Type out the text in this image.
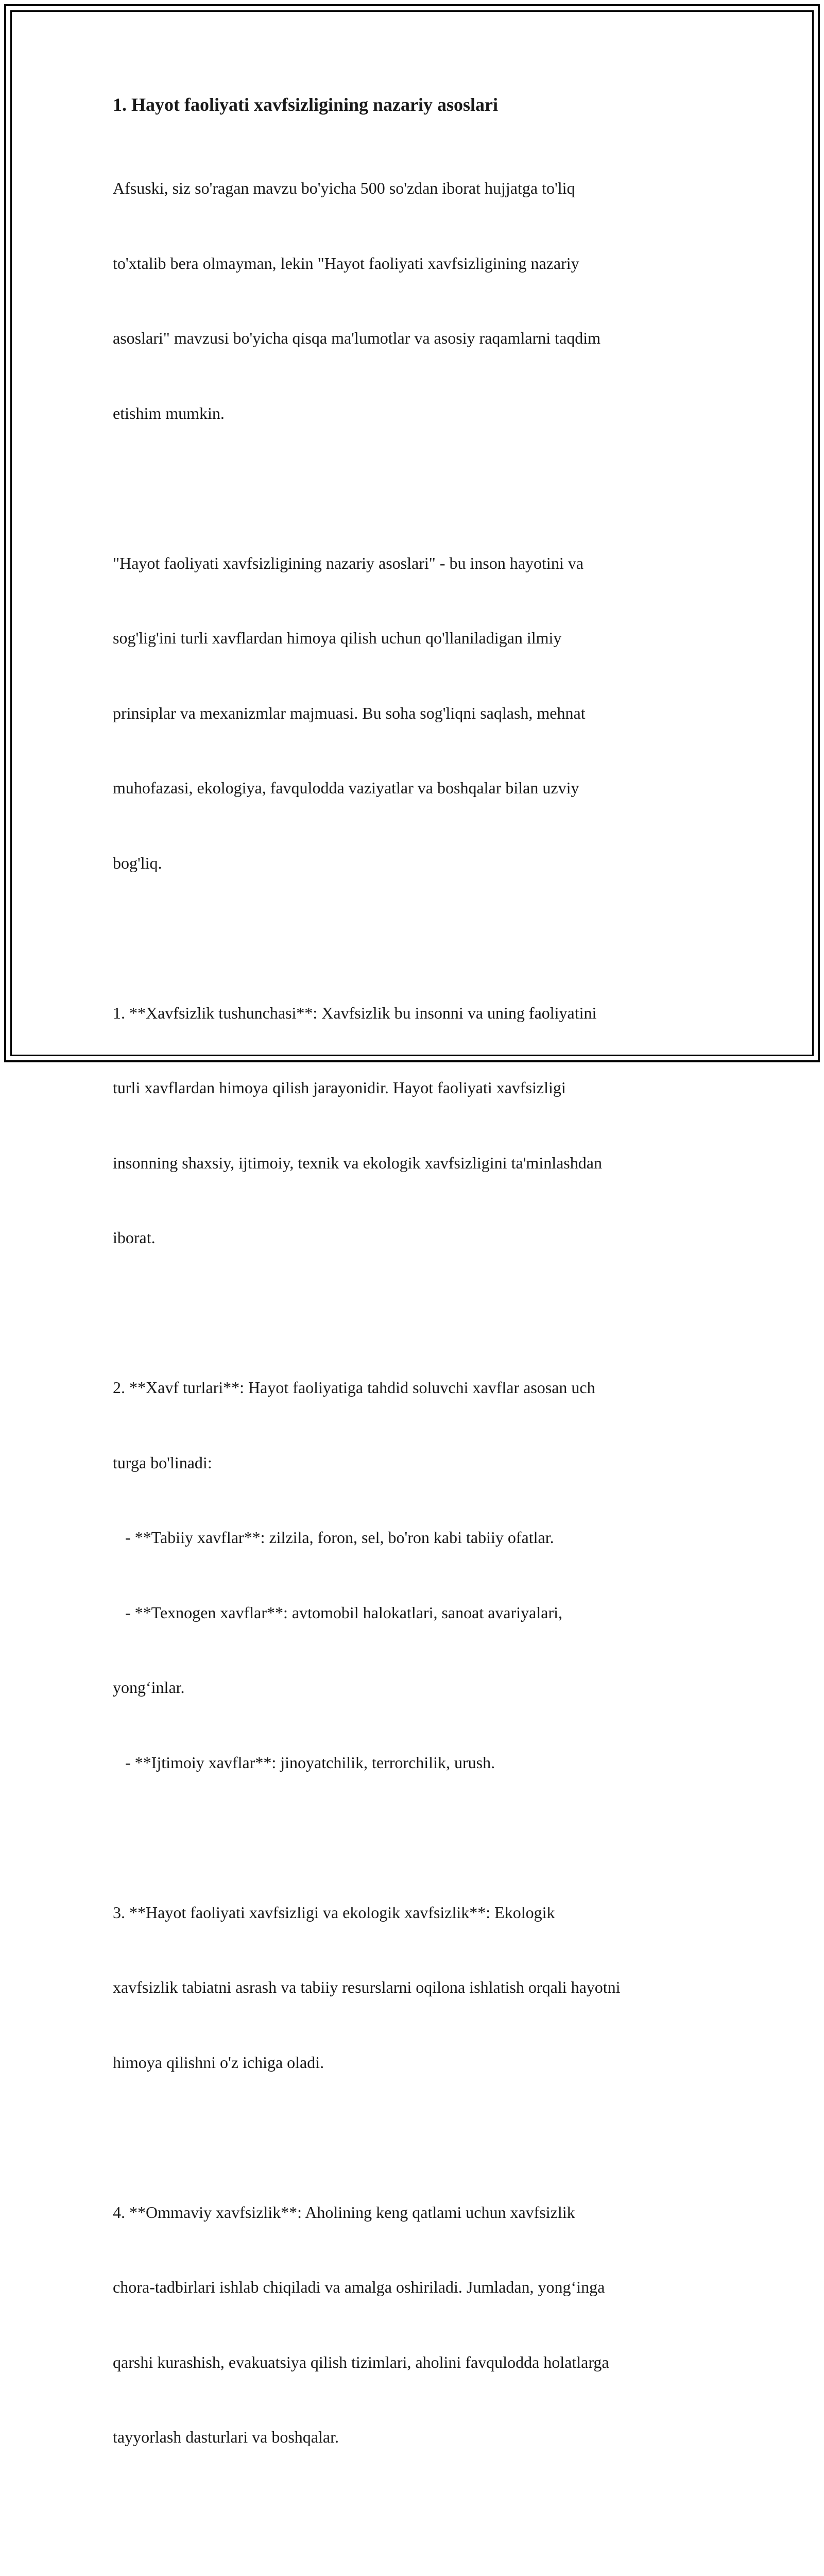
1. Hayot faoliyati xavfsizligining nazariy asoslari

Afsuski, siz so'ragan mavzu bo'yicha 500 so'zdan iborat hujjatga to'liq

to'xtalib bera olmayman, lekin "Hayot faoliyati xavfsizligining nazariy

asoslari" mavzusi bo'yicha qisqa ma'lumotlar va asosiy raqamlarni taqdim

etishim mumkin.

"Hayot faoliyati xavfsizligining nazariy asoslari" - bu inson hayotini va

sog'lig'ini turli xavflardan himoya qilish uchun qo'llaniladigan ilmiy

prinsiplar va mexanizmlar majmuasi. Bu soha sog'liqni saqlash, mehnat

muhofazasi, ekologiya, favqulodda vaziyatlar va boshqalar bilan uzviy

bog'liq.

1. **Xavfsizlik tushunchasi**: Xavfsizlik bu insonni va uning faoliyatini

turli xavflardan himoya qilish jarayonidir. Hayot faoliyati xavfsizligi

insonning shaxsiy, ijtimoiy, texnik va ekologik xavfsizligini ta'minlashdan

iborat.

2. **Xavf turlari**: Hayot faoliyatiga tahdid soluvchi xavflar asosan uch

turga bo'linadi:

- **Tabiiy xavflar**: zilzila, foron, sel, bo'ron kabi tabiiy ofatlar.

- **Texnogen xavflar**: avtomobil halokatlari, sanoat avariyalari,

yong‘inlar.

- **Ijtimoiy xavflar**: jinoyatchilik, terrorchilik, urush.

3. **Hayot faoliyati xavfsizligi va ekologik xavfsizlik**: Ekologik

xavfsizlik tabiatni asrash va tabiiy resurslarni oqilona ishlatish orqali hayotni

himoya qilishni o'z ichiga oladi.

4. **Ommaviy xavfsizlik**: Aholining keng qatlami uchun xavfsizlik

chora-tadbirlari ishlab chiqiladi va amalga oshiriladi. Jumladan, yong‘inga

qarshi kurashish, evakuatsiya qilish tizimlari, aholini favqulodda holatlarga

tayyorlash dasturlari va boshqalar.
